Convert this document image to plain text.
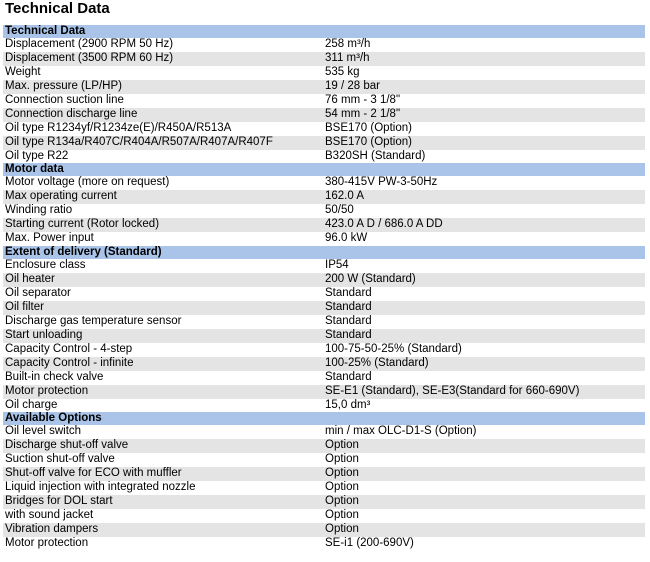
Technical Data
Technical Data
Displacement (2900 RPM 50 Hz)	258 m³/h
Displacement (3500 RPM 60 Hz)	311 m³/h
Weight	535 kg
Max. pressure (LP/HP)	19 / 28 bar
Connection suction line	76 mm - 3 1/8"
Connection discharge line	54 mm - 2 1/8"
Oil type R1234yf/R1234ze(E)/R450A/R513A	BSE170 (Option)
Oil type R134a/R407C/R404A/R507A/R407A/R407F	BSE170 (Option)
Oil type R22	B320SH (Standard)
Motor data
Motor voltage (more on request)	380-415V PW-3-50Hz
Max operating current	162.0 A
Winding ratio	50/50
Starting current (Rotor locked)	423.0 A D / 686.0 A DD
Max. Power input	96.0 kW
Extent of delivery (Standard)
Enclosure class	IP54
Oil heater	200 W (Standard)
Oil separator	Standard
Oil filter	Standard
Discharge gas temperature sensor	Standard
Start unloading	Standard
Capacity Control - 4-step	100-75-50-25% (Standard)
Capacity Control - infinite	100-25% (Standard)
Built-in check valve	Standard
Motor protection	SE-E1 (Standard), SE-E3(Standard for 660-690V)
Oil charge	15,0 dm³
Available Options
Oil level switch	min / max OLC-D1-S (Option)
Discharge shut-off valve	Option
Suction shut-off valve	Option
Shut-off valve for ECO with muffler	Option
Liquid injection with integrated nozzle	Option
Bridges for DOL start	Option
with sound jacket	Option
Vibration dampers	Option
Motor protection	SE-i1 (200-690V)
